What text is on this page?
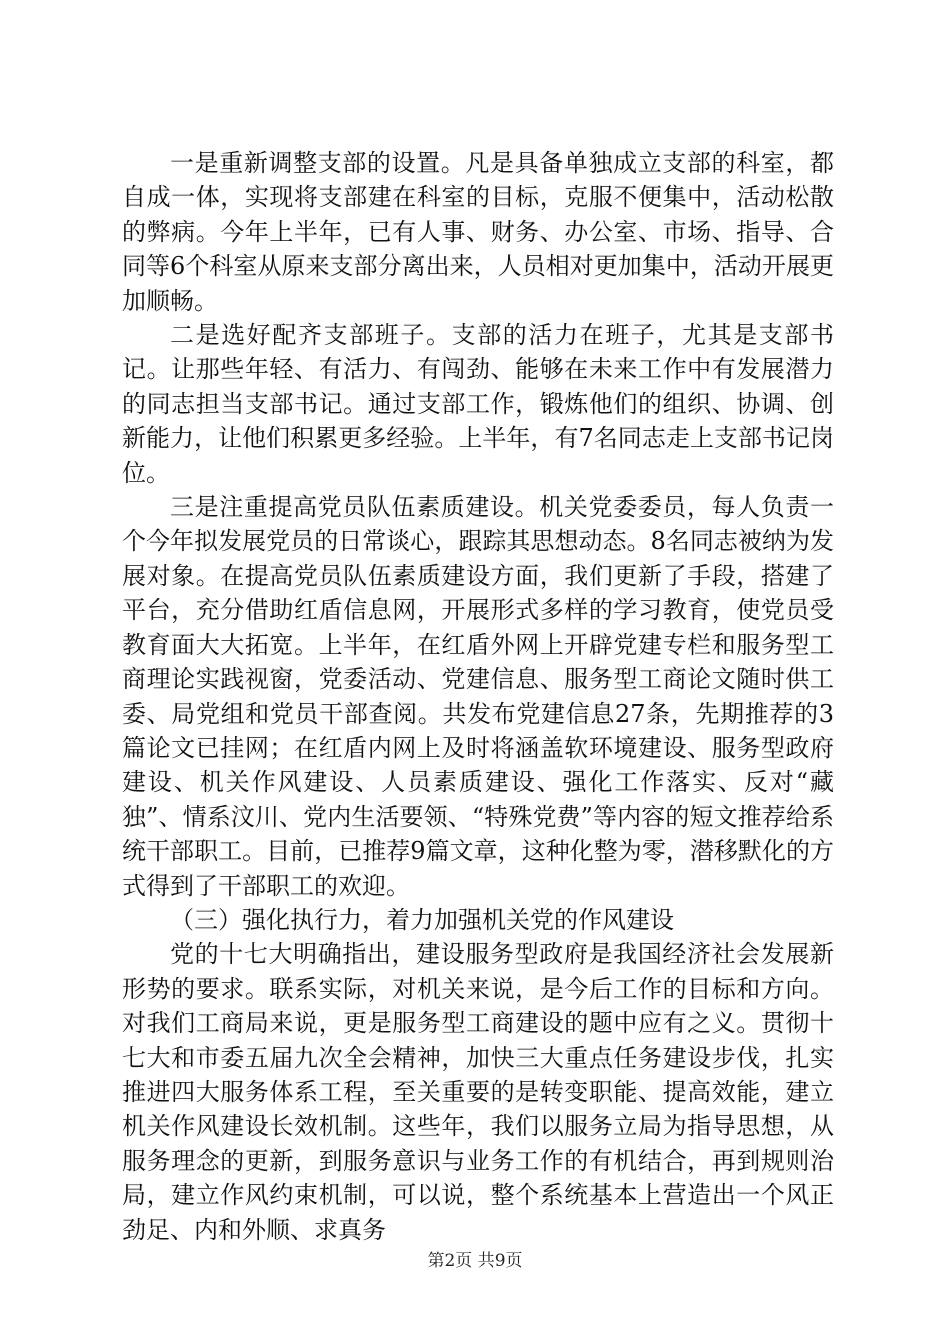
一是重新调整支部的设置。凡是具备单独成立支部的科室，都自成一体，实现将支部建在科室的目标，克服不便集中，活动松散的弊病。今年上半年，已有人事、财务、办公室、市场、指导、合同等6个科室从原来支部分离出来，人员相对更加集中，活动开展更加顺畅。

二是选好配齐支部班子。支部的活力在班子，尤其是支部书记。让那些年轻、有活力、有闯劲、能够在未来工作中有发展潜力的同志担当支部书记。通过支部工作，锻炼他们的组织、协调、创新能力，让他们积累更多经验。上半年，有7名同志走上支部书记岗位。

三是注重提高党员队伍素质建设。机关党委委员，每人负责一个今年拟发展党员的日常谈心，跟踪其思想动态。8名同志被纳为发展对象。在提高党员队伍素质建设方面，我们更新了手段，搭建了平台，充分借助红盾信息网，开展形式多样的学习教育，使党员受教育面大大拓宽。上半年，在红盾外网上开辟党建专栏和服务型工商理论实践视窗，党委活动、党建信息、服务型工商论文随时供工委、局党组和党员干部查阅。共发布党建信息27条，先期推荐的3篇论文已挂网；在红盾内网上及时将涵盖软环境建设、服务型政府建设、机关作风建设、人员素质建设、强化工作落实、反对“藏独”、情系汶川、党内生活要领、“特殊党费”等内容的短文推荐给系统干部职工。目前，已推荐9篇文章，这种化整为零，潜移默化的方式得到了干部职工的欢迎。

（三）强化执行力，着力加强机关党的作风建设

党的十七大明确指出，建设服务型政府是我国经济社会发展新形势的要求。联系实际，对机关来说，是今后工作的目标和方向。对我们工商局来说，更是服务型工商建设的题中应有之义。贯彻十七大和市委五届九次全会精神，加快三大重点任务建设步伐，扎实推进四大服务体系工程，至关重要的是转变职能、提高效能，建立机关作风建设长效机制。这些年，我们以服务立局为指导思想，从服务理念的更新，到服务意识与业务工作的有机结合，再到规则治局，建立作风约束机制，可以说，整个系统基本上营造出一个风正劲足、内和外顺、求真务

第2页 共9页
